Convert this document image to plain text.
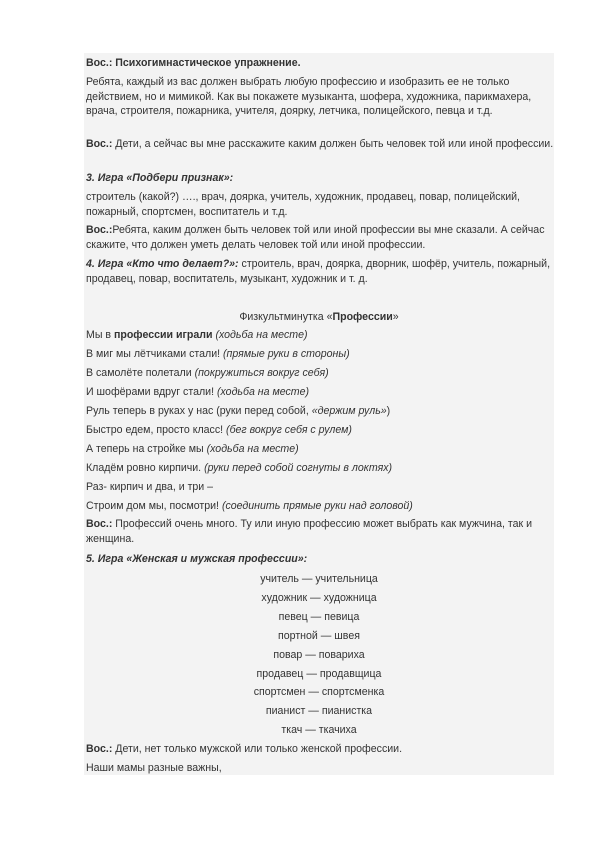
Вос.: Психогимнастическое упражнение.

Ребята, каждый из вас должен выбрать любую профессию и изобразить ее не только действием, но и мимикой. Как вы покажете музыканта, шофера, художника, парикмахера, врача, строителя, пожарника, учителя, доярку, летчика, полицейского, певца и т.д.

Вос.: Дети, а сейчас вы мне расскажите каким должен быть человек той или иной профессии.

3. Игра «Подбери признак»:

строитель (какой?) …., врач, доярка, учитель, художник, продавец, повар, полицейский, пожарный, спортсмен, воспитатель и т.д.

Вос.:Ребята, каким должен быть человек той или иной профессии вы мне сказали. А сейчас скажите, что должен уметь делать человек той или иной профессии.

4. Игра «Кто что делает?»: строитель, врач, доярка, дворник, шофёр, учитель, пожарный, продавец, повар, воспитатель, музыкант, художник и т. д.

Физкультминутка «Профессии»
Мы в профессии играли (ходьба на месте)
В миг мы лётчиками стали! (прямые руки в стороны)
В самолёте полетали (покружиться вокруг себя)
И шофёрами вдруг стали! (ходьба на месте)
Руль теперь в руках у нас (руки перед собой, «держим руль»)
Быстро едем, просто класс! (бег вокруг себя с рулем)
А теперь на стройке мы (ходьба на месте)
Кладём ровно кирпичи. (руки перед собой согнуты в локтях)
Раз- кирпич и два, и три –
Строим дом мы, посмотри! (соединить прямые руки над головой)

Вос.: Профессий очень много. Ту или иную профессию может выбрать как мужчина, так и женщина.

5. Игра «Женская и мужская профессии»:
учитель — учительница
художник — художница
певец — певица
портной — швея
повар — повариха
продавец — продавщица
спортсмен — спортсменка
пианист — пианистка
ткач — ткачиха
Вос.: Дети, нет только мужской или только женской профессии.
Наши мамы разные важны,
